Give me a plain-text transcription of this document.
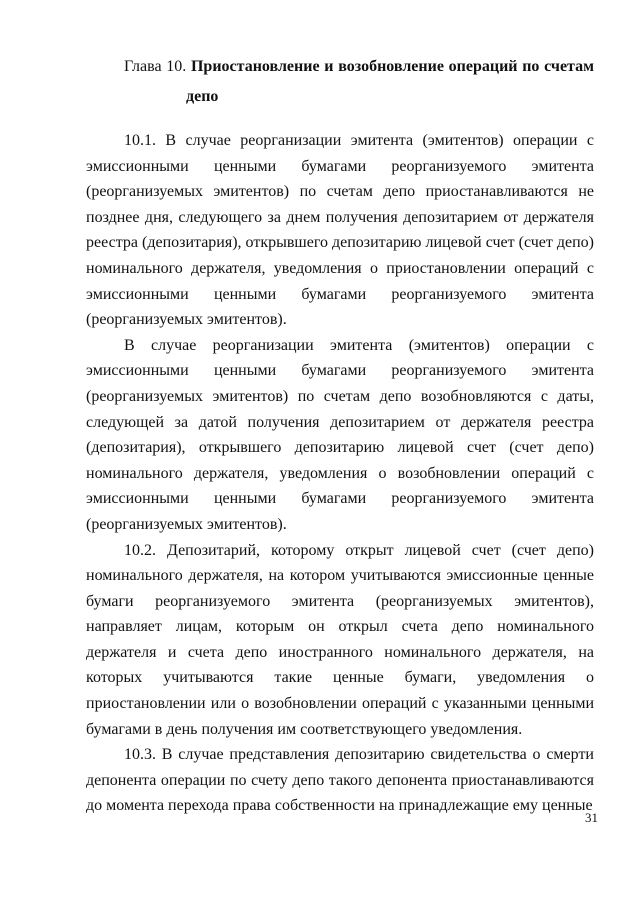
Глава 10. Приостановление и возобновление операций по счетам
депо

10.1. В случае реорганизации эмитента (эмитентов) операции с эмиссионными ценными бумагами реорганизуемого эмитента (реорганизуемых эмитентов) по счетам депо приостанавливаются не позднее дня, следующего за днем получения депозитарием от держателя реестра (депозитария), открывшего депозитарию лицевой счет (счет депо) номинального держателя, уведомления о приостановлении операций с эмиссионными ценными бумагами реорганизуемого эмитента (реорганизуемых эмитентов).

В случае реорганизации эмитента (эмитентов) операции с эмиссионными ценными бумагами реорганизуемого эмитента (реорганизуемых эмитентов) по счетам депо возобновляются с даты, следующей за датой получения депозитарием от держателя реестра (депозитария), открывшего депозитарию лицевой счет (счет депо) номинального держателя, уведомления о возобновлении операций с эмиссионными ценными бумагами реорганизуемого эмитента (реорганизуемых эмитентов).

10.2. Депозитарий, которому открыт лицевой счет (счет депо) номинального держателя, на котором учитываются эмиссионные ценные бумаги реорганизуемого эмитента (реорганизуемых эмитентов), направляет лицам, которым он открыл счета депо номинального держателя и счета депо иностранного номинального держателя, на которых учитываются такие ценные бумаги, уведомления о приостановлении или о возобновлении операций с указанными ценными бумагами в день получения им соответствующего уведомления.

10.3. В случае представления депозитарию свидетельства о смерти депонента операции по счету депо такого депонента приостанавливаются до момента перехода права собственности на принадлежащие ему ценные

31
